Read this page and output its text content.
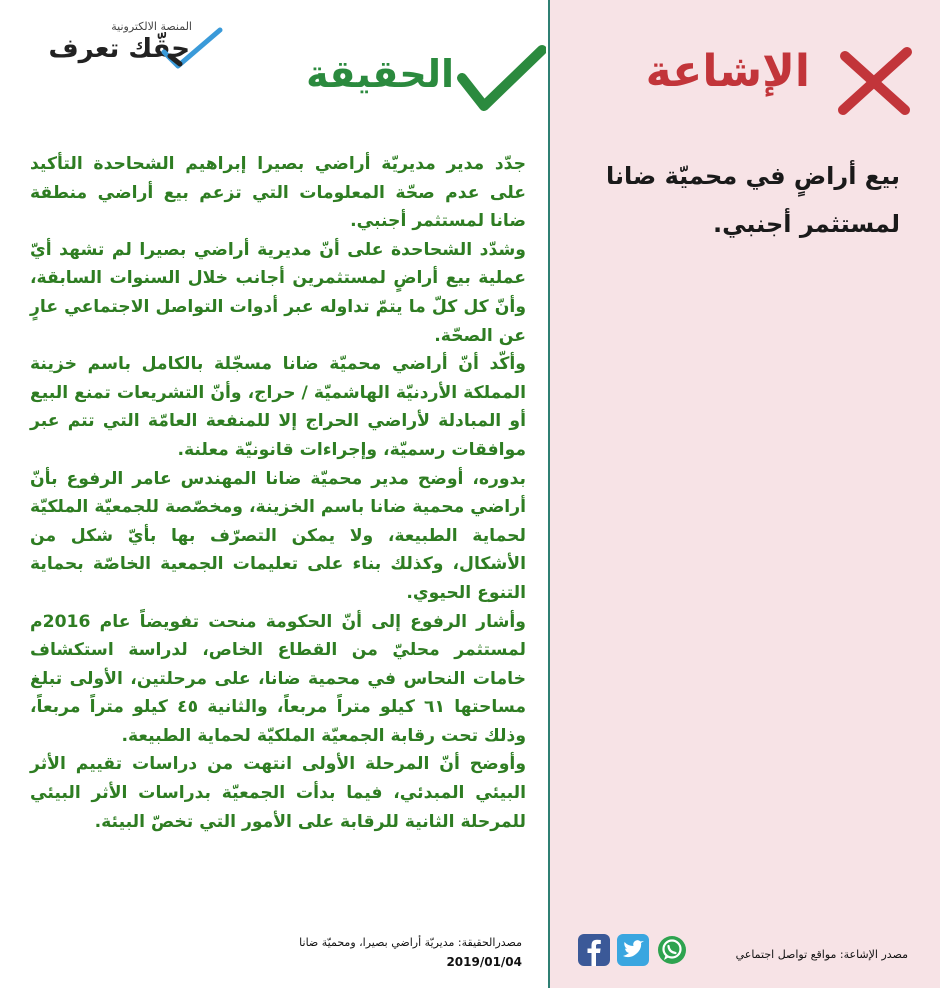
المنصة الالكترونية
حقّك تعرف
الحقيقة

جدّد مدير مديريّة أراضي بصيرا إبراهيم الشحاحدة التأكيد على عدم صحّة المعلومات التي تزعم بيع أراضي منطقة ضانا لمستثمر أجنبي.

وشدّد الشحاحدة على أنّ مديرية أراضي بصيرا لم تشهد أيّ عملية بيع أراضٍ لمستثمرين أجانب خلال السنوات السابقة، وأنّ كل كلّ ما يتمّ تداوله عبر أدوات التواصل الاجتماعي عارٍ عن الصحّة.

وأكّد أنّ أراضي محميّة ضانا مسجّلة بالكامل باسم خزينة المملكة الأردنيّة الهاشميّة / حراج، وأنّ التشريعات تمنع البيع أو المبادلة لأراضي الحراج إلا للمنفعة العامّة التي تتم عبر موافقات رسميّة، وإجراءات قانونيّة معلنة.

بدوره، أوضح مدير محميّة ضانا المهندس عامر الرفوع بأنّ أراضي محمية ضانا باسم الخزينة، ومخصّصة للجمعيّة الملكيّة لحماية الطبيعة، ولا يمكن التصرّف بها بأيّ شكل من الأشكال، وكذلك بناء على تعليمات الجمعية الخاصّة بحماية التنوع الحيوي.

وأشار الرفوع إلى أنّ الحكومة منحت تفويضاً عام 2016م لمستثمر محليّ من القطاع الخاص، لدراسة استكشاف خامات النحاس في محمية ضانا، على مرحلتين، الأولى تبلغ مساحتها ٦١ كيلو متراً مربعاً، والثانية ٤٥ كيلو متراً مربعاً، وذلك تحت رقابة الجمعيّة الملكيّة لحماية الطبيعة.

وأوضح أنّ المرحلة الأولى انتهت من دراسات تقييم الأثر البيئي المبدئي، فيما بدأت الجمعيّة بدراسات الأثر البيئي للمرحلة الثانية للرقابة على الأمور التي تخصّ البيئة.

مصدرالحقيقة: مديريّة أراضي بصيرا، ومحميّة ضانا
2019/01/04
الإشاعة
بيع أراضٍ في محميّة ضانا لمستثمر أجنبي.
مصدر الإشاعة: مواقع تواصل اجتماعي
